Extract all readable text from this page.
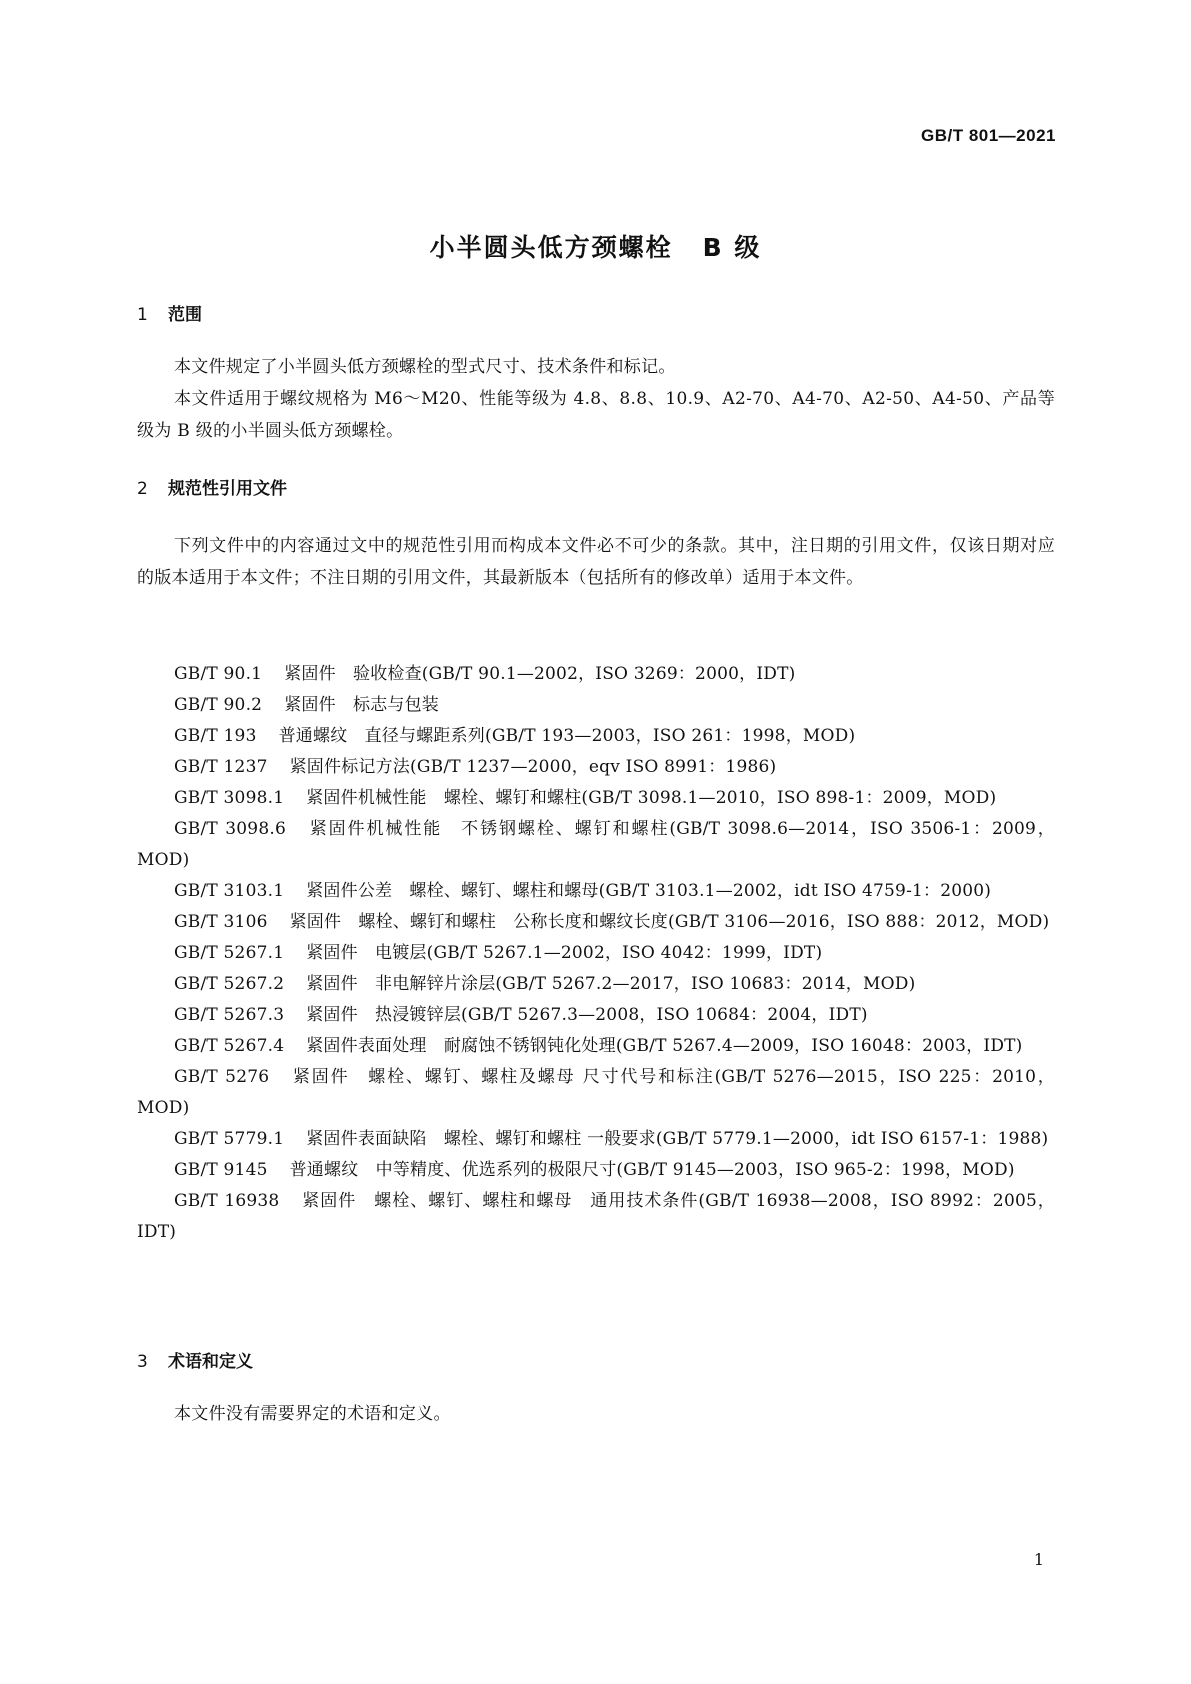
GB/T 801—2021
小半圆头低方颈螺栓 B 级
1 范围

本文件规定了小半圆头低方颈螺栓的型式尺寸、技术条件和标记。

本文件适用于螺纹规格为 M6～M20、性能等级为 4.8、8.8、10.9、A2-70、A4-70、A2-50、A4-50、产品等级为 B 级的小半圆头低方颈螺栓。

2 规范性引用文件

下列文件中的内容通过文中的规范性引用而构成本文件必不可少的条款。其中，注日期的引用文件，仅该日期对应的版本适用于本文件；不注日期的引用文件，其最新版本（包括所有的修改单）适用于本文件。

GB/T 90.1 紧固件　验收检查(GB/T 90.1—2002，ISO 3269：2000，IDT)

GB/T 90.2 紧固件　标志与包装

GB/T 193 普通螺纹　直径与螺距系列(GB/T 193—2003，ISO 261：1998，MOD)

GB/T 1237 紧固件标记方法(GB/T 1237—2000，eqv ISO 8991：1986)

GB/T 3098.1 紧固件机械性能　螺栓、螺钉和螺柱(GB/T 3098.1—2010，ISO 898-1：2009，MOD)

GB/T 3098.6 紧固件机械性能　不锈钢螺栓、螺钉和螺柱(GB/T 3098.6—2014，ISO 3506-1：2009，MOD)

GB/T 3103.1 紧固件公差　螺栓、螺钉、螺柱和螺母(GB/T 3103.1—2002，idt ISO 4759-1：2000)

GB/T 3106 紧固件　螺栓、螺钉和螺柱　公称长度和螺纹长度(GB/T 3106—2016，ISO 888：2012，MOD)

GB/T 5267.1 紧固件　电镀层(GB/T 5267.1—2002，ISO 4042：1999，IDT)

GB/T 5267.2 紧固件　非电解锌片涂层(GB/T 5267.2—2017，ISO 10683：2014，MOD)

GB/T 5267.3 紧固件　热浸镀锌层(GB/T 5267.3—2008，ISO 10684：2004，IDT)

GB/T 5267.4 紧固件表面处理　耐腐蚀不锈钢钝化处理(GB/T 5267.4—2009，ISO 16048：2003，IDT)

GB/T 5276 紧固件　螺栓、螺钉、螺柱及螺母 尺寸代号和标注(GB/T 5276—2015，ISO 225：2010，MOD)

GB/T 5779.1 紧固件表面缺陷　螺栓、螺钉和螺柱 一般要求(GB/T 5779.1—2000，idt ISO 6157-1：1988)

GB/T 9145 普通螺纹　中等精度、优选系列的极限尺寸(GB/T 9145—2003，ISO 965-2：1998，MOD)

GB/T 16938 紧固件　螺栓、螺钉、螺柱和螺母　通用技术条件(GB/T 16938—2008，ISO 8992：2005，IDT)

3 术语和定义

本文件没有需要界定的术语和定义。

1
